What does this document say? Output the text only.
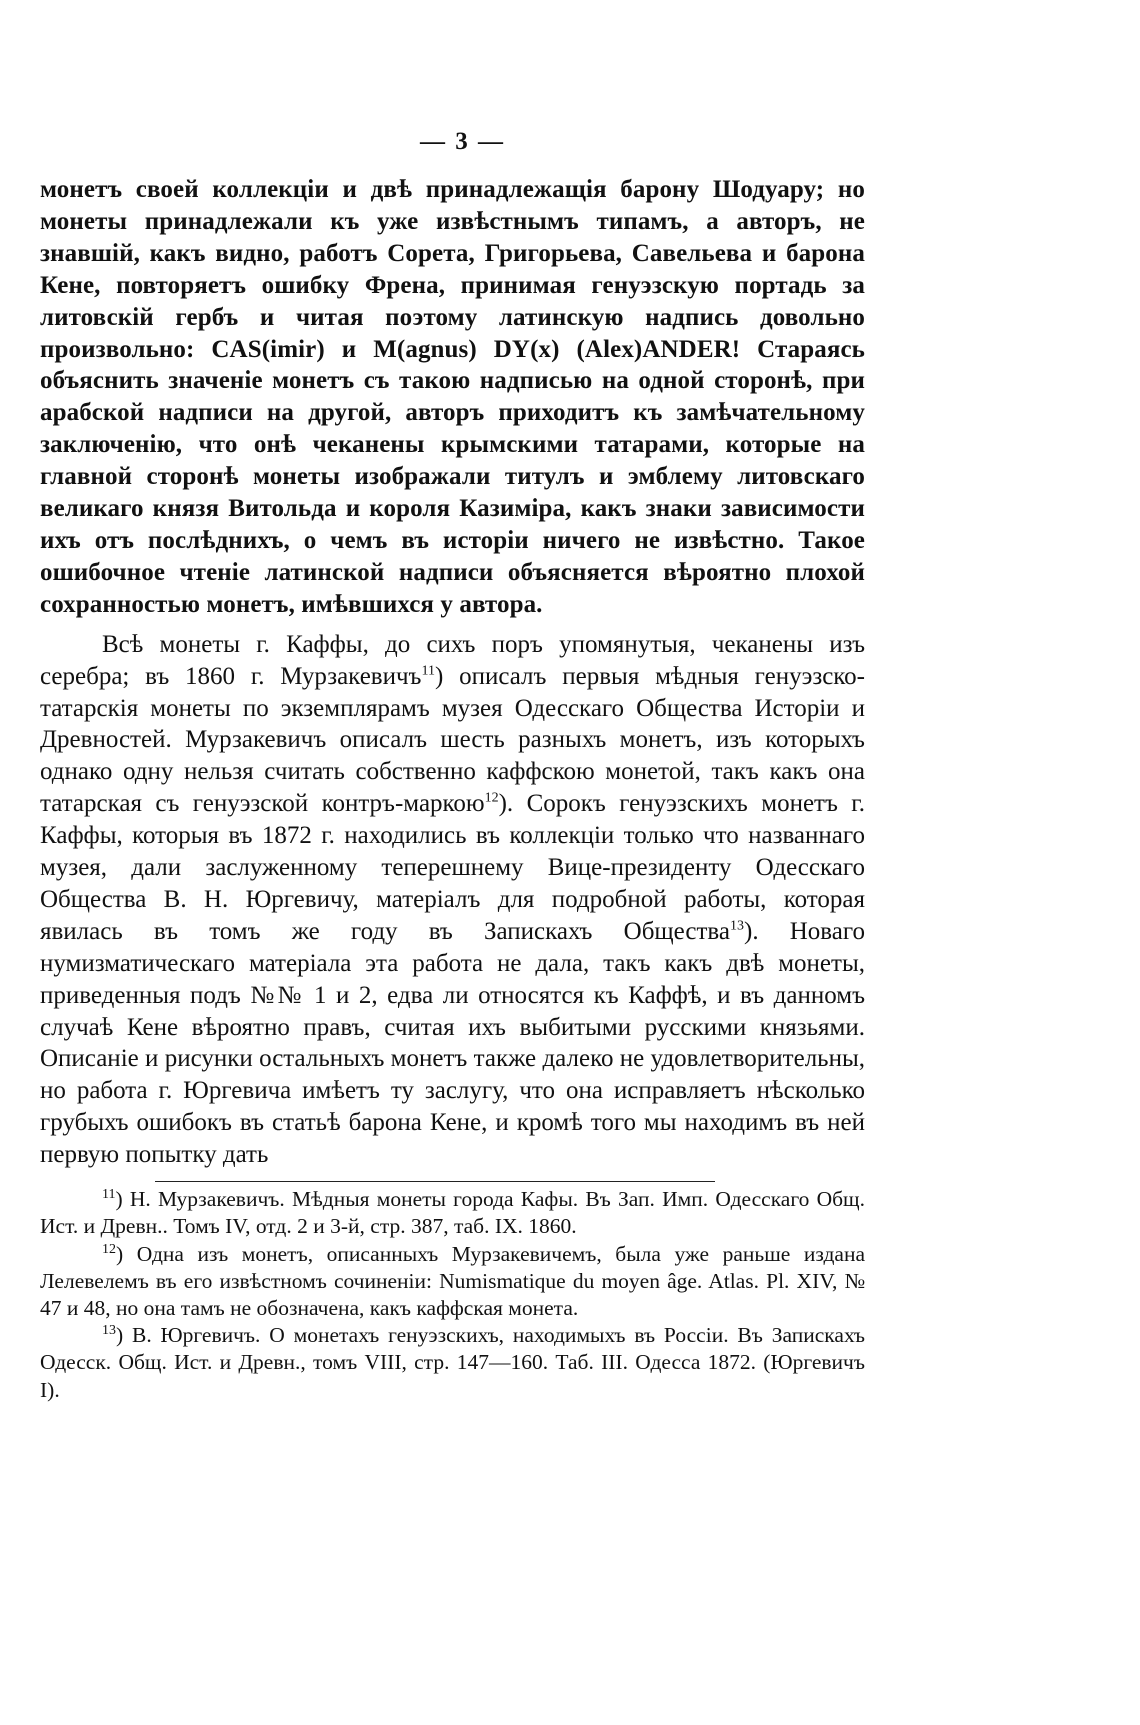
— 3 —

монетъ своей коллекціи и двѣ принадлежащія барону Шодуару; но монеты принадлежали къ уже извѣстнымъ типамъ, а авторъ, не знавшій, какъ видно, работъ Сорета, Григорьева, Савельева и барона Кене, повторяетъ ошибку Френа, принимая генуэзскую портадь за литовскій гербъ и читая поэтому латинскую надпись довольно произвольно: CAS(imir) и M(agnus) DY(x) (Alex)ANDER! Стараясь объяснить значеніе монетъ съ такою надписью на одной сторонѣ, при арабской надписи на другой, авторъ приходитъ къ замѣчательному заключенію, что онѣ чеканены крымскими татарами, которые на главной сторонѣ монеты изображали титулъ и эмблему литовскаго великаго князя Витольда и короля Казиміра, какъ знаки зависимости ихъ отъ послѣднихъ, о чемъ въ исторіи ничего не извѣстно. Такое ошибочное чтеніе латинской надписи объясняется вѣроятно плохой сохранностью монетъ, имѣвшихся у автора.

Всѣ монеты г. Каффы, до сихъ поръ упомянутыя, чеканены изъ серебра; въ 1860 г. Мурзакевичъ$^{11}$) описалъ первыя мѣдныя генуэзско-татарскія монеты по экземплярамъ музея Одесскаго Общества Исторіи и Древностей. Мурзакевичъ описалъ шесть разныхъ монетъ, изъ которыхъ однако одну нельзя считать собственно каффскою монетой, такъ какъ она татарская съ генуэзской контръ-маркою$^{12}$). Сорокъ генуэзскихъ монетъ г. Каффы, которыя въ 1872 г. находились въ коллекціи только что названнаго музея, дали заслуженному теперешнему Вице-президенту Одесскаго Общества В. Н. Юргевичу, матеріалъ для подробной работы, которая явилась въ томъ же году въ Запискахъ Общества$^{13}$). Новаго нумизматическаго матеріала эта работа не дала, такъ какъ двѣ монеты, приведенныя подъ №№ 1 и 2, едва ли относятся къ Каффѣ, и въ данномъ случаѣ Кене вѣроятно правъ, считая ихъ выбитыми русскими князьями. Описаніе и рисунки остальныхъ монетъ также далеко не удовлетворительны, но работа г. Юргевича имѣетъ ту заслугу, что она исправляетъ нѣсколько грубыхъ ошибокъ въ статьѣ барона Кене, и кромѣ того мы находимъ въ ней первую попытку дать

$^{11}$) Н. Мурзакевичъ. Мѣдныя монеты города Кафы. Въ Зап. Имп. Одесскаго Общ. Ист. и Древн.. Томъ IV, отд. 2 и 3-й, стр. 387, таб. IX. 1860.

$^{12}$) Одна изъ монетъ, описанныхъ Мурзакевичемъ, была уже раньше издана Лелевелемъ въ его извѣстномъ сочиненіи: Numismatique du moyen âge. Atlas. Pl. XIV, № 47 и 48, но она тамъ не обозначена, какъ каффская монета.

$^{13}$) В. Юргевичъ. О монетахъ генуэзскихъ, находимыхъ въ Россіи. Въ Запискахъ Одесск. Общ. Ист. и Древн., томъ VIII, стр. 147—160. Таб. III. Одесса 1872. (Юргевичъ I).
